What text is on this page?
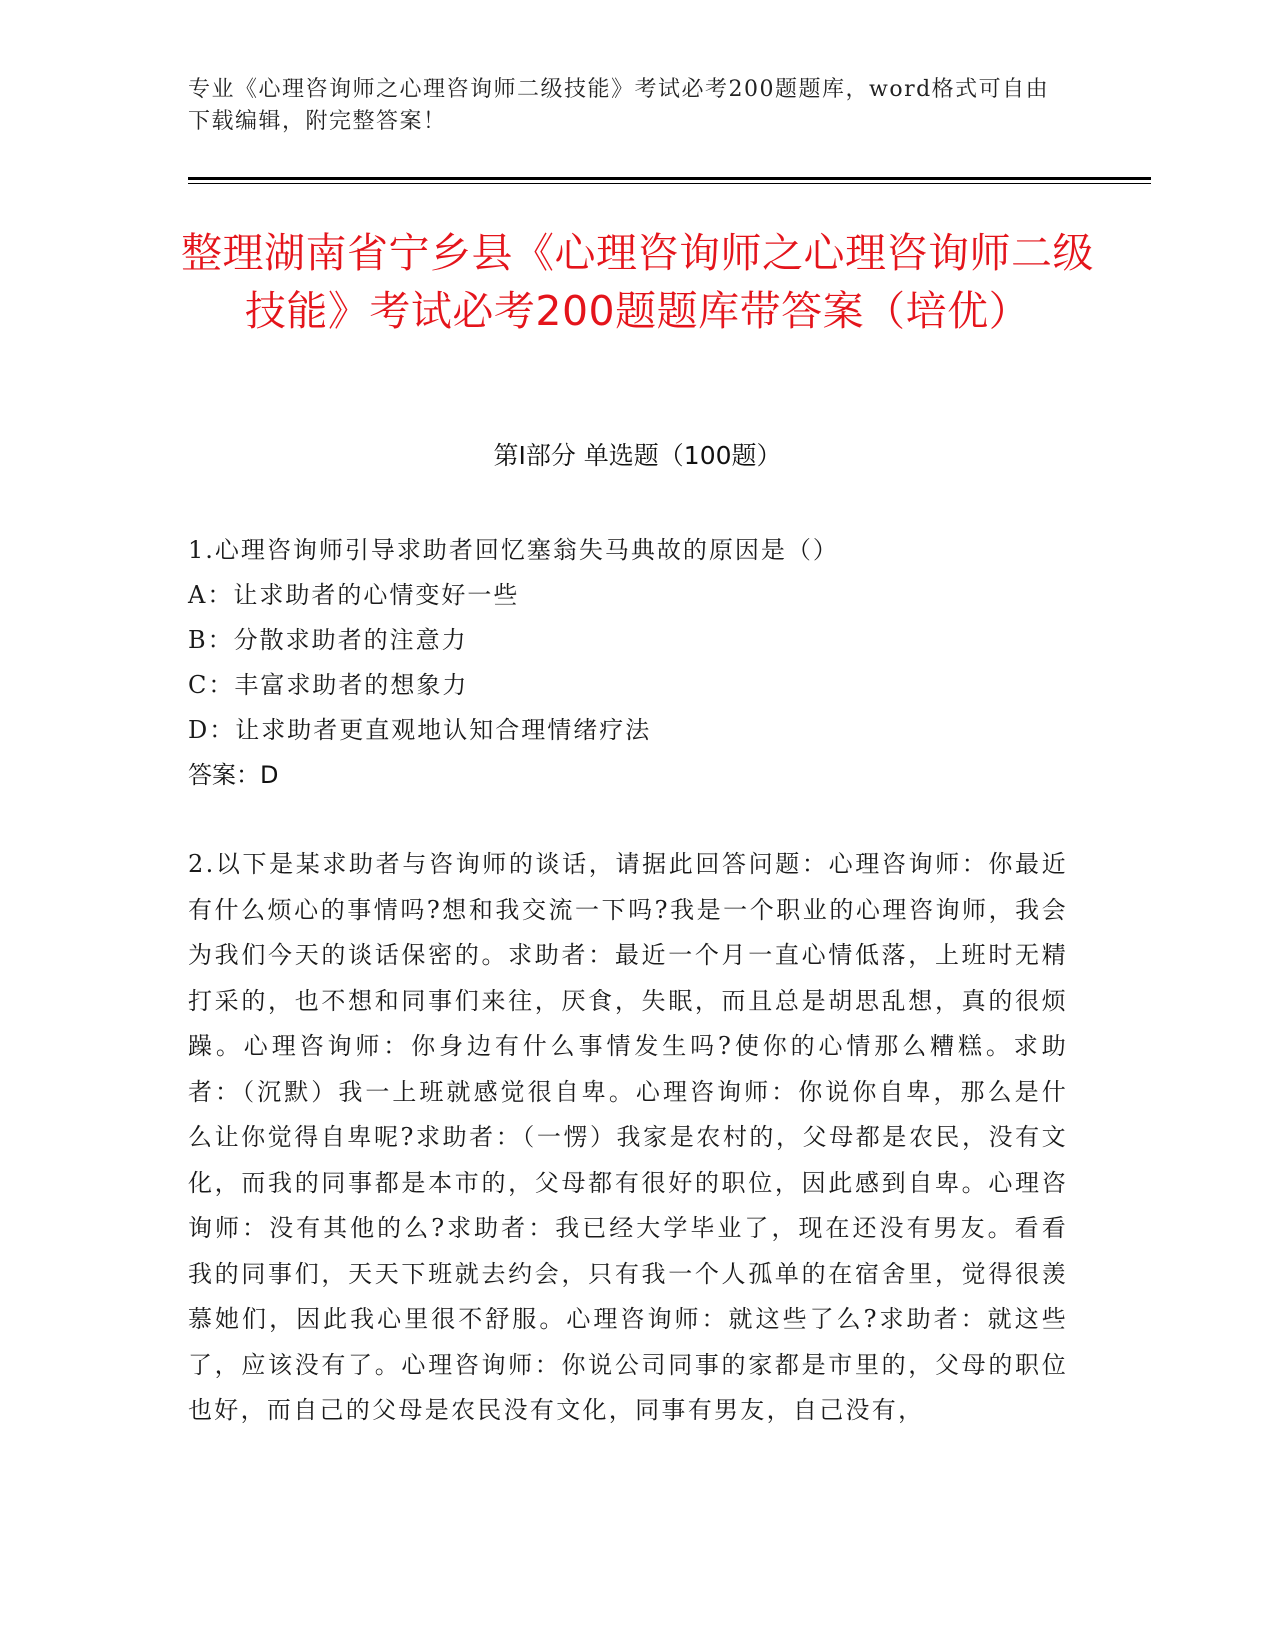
专业《心理咨询师之心理咨询师二级技能》考试必考200题题库，word格式可自由下载编辑，附完整答案！

整理湖南省宁乡县《心理咨询师之心理咨询师二级技能》考试必考200题题库带答案（培优）
第I部分 单选题（100题）
1.心理咨询师引导求助者回忆塞翁失马典故的原因是（）
A：让求助者的心情变好一些
B：分散求助者的注意力
C：丰富求助者的想象力
D：让求助者更直观地认知合理情绪疗法
答案：D

2.以下是某求助者与咨询师的谈话，请据此回答问题：心理咨询师：你最近有什么烦心的事情吗?想和我交流一下吗?我是一个职业的心理咨询师，我会为我们今天的谈话保密的。求助者：最近一个月一直心情低落，上班时无精打采的，也不想和同事们来往，厌食，失眠，而且总是胡思乱想，真的很烦躁。心理咨询师：你身边有什么事情发生吗?使你的心情那么糟糕。求助者：（沉默）我一上班就感觉很自卑。心理咨询师：你说你自卑，那么是什么让你觉得自卑呢?求助者：（一愣）我家是农村的，父母都是农民，没有文化，而我的同事都是本市的，父母都有很好的职位，因此感到自卑。心理咨询师：没有其他的么?求助者：我已经大学毕业了，现在还没有男友。看看我的同事们，天天下班就去约会，只有我一个人孤单的在宿舍里，觉得很羡慕她们，因此我心里很不舒服。心理咨询师：就这些了么?求助者：就这些了，应该没有了。心理咨询师：你说公司同事的家都是市里的，父母的职位也好，而自己的父母是农民没有文化，同事有男友，自己没有，
